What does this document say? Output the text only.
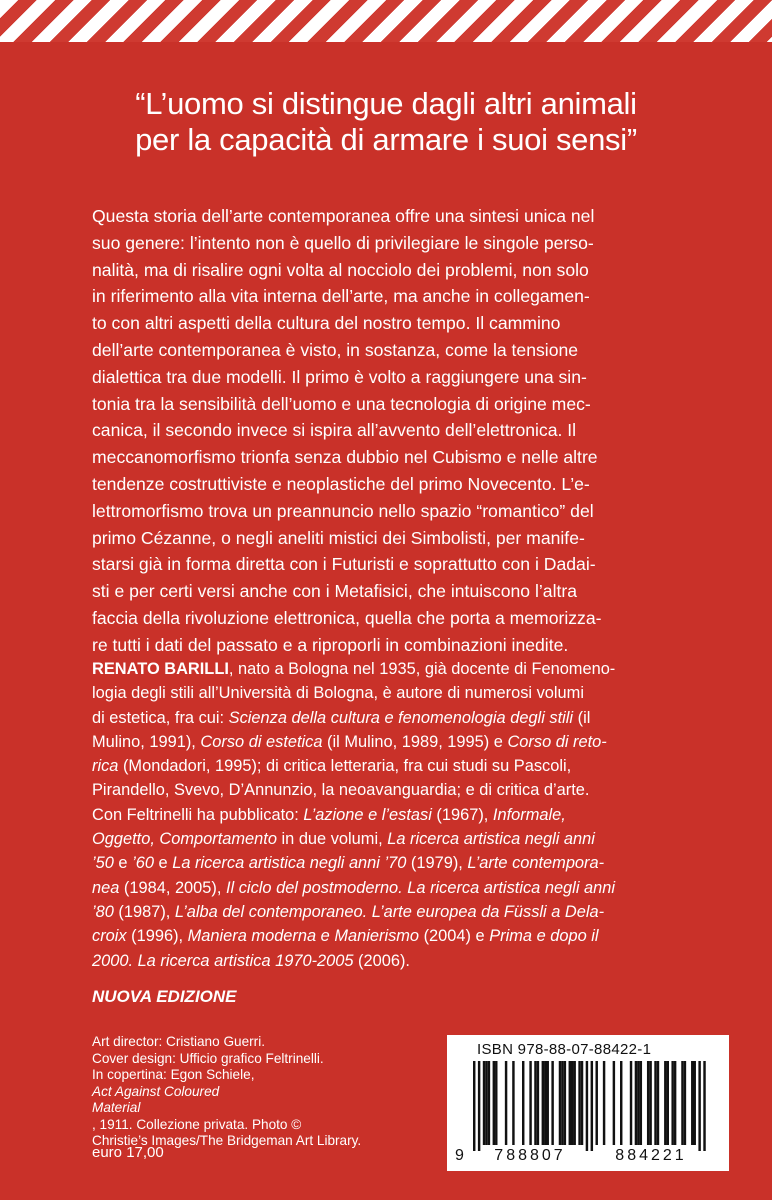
“L’uomo si distingue dagli altri animali
per la capacità di armare i suoi sensi”

Questa storia dell’arte contemporanea offre una sintesi unica nel
suo genere: l’intento non è quello di privilegiare le singole perso-
nalità, ma di risalire ogni volta al nocciolo dei problemi, non solo
in riferimento alla vita interna dell’arte, ma anche in collegamen-
to con altri aspetti della cultura del nostro tempo. Il cammino
dell’arte contemporanea è visto, in sostanza, come la tensione
dialettica tra due modelli. Il primo è volto a raggiungere una sin-
tonia tra la sensibilità dell’uomo e una tecnologia di origine mec-
canica, il secondo invece si ispira all’avvento dell’elettronica. Il
meccanomorfismo trionfa senza dubbio nel Cubismo e nelle altre
tendenze costruttiviste e neoplastiche del primo Novecento. L’e-
lettromorfismo trova un preannuncio nello spazio “romantico” del
primo Cézanne, o negli aneliti mistici dei Simbolisti, per manife-
starsi già in forma diretta con i Futuristi e soprattutto con i Dadai-
sti e per certi versi anche con i Metafisici, che intuiscono l’altra
faccia della rivoluzione elettronica, quella che porta a memorizza-
re tutti i dati del passato e a riproporli in combinazioni inedite.

RENATO BARILLI, nato a Bologna nel 1935, già docente di Fenomeno-
logia degli stili all’Università di Bologna, è autore di numerosi volumi
di estetica, fra cui: Scienza della cultura e fenomenologia degli stili (il
Mulino, 1991), Corso di estetica (il Mulino, 1989, 1995) e Corso di reto-
rica (Mondadori, 1995); di critica letteraria, fra cui studi su Pascoli,
Pirandello, Svevo, D’Annunzio, la neoavanguardia; e di critica d’arte.
Con Feltrinelli ha pubblicato: L’azione e l’estasi (1967), Informale,
Oggetto, Comportamento in due volumi, La ricerca artistica negli anni
’50 e ’60 e La ricerca artistica negli anni ’70 (1979), L’arte contempora-
nea (1984, 2005), Il ciclo del postmoderno. La ricerca artistica negli anni
’80 (1987), L’alba del contemporaneo. L’arte europea da Füssli a Dela-
croix (1996), Maniera moderna e Manierismo (2004) e Prima e dopo il
2000. La ricerca artistica 1970-2005 (2006).

NUOVA EDIZIONE

Art director: Cristiano Guerri.
Cover design: Ufficio grafico Feltrinelli.
In copertina: Egon Schiele,
Act Against Coloured
Material
, 1911. Collezione privata. Photo ©
Christie’s Images/The Bridgeman Art Library.

euro 17,00

ISBN 978-88-07-88422-1
9	788807	884221
